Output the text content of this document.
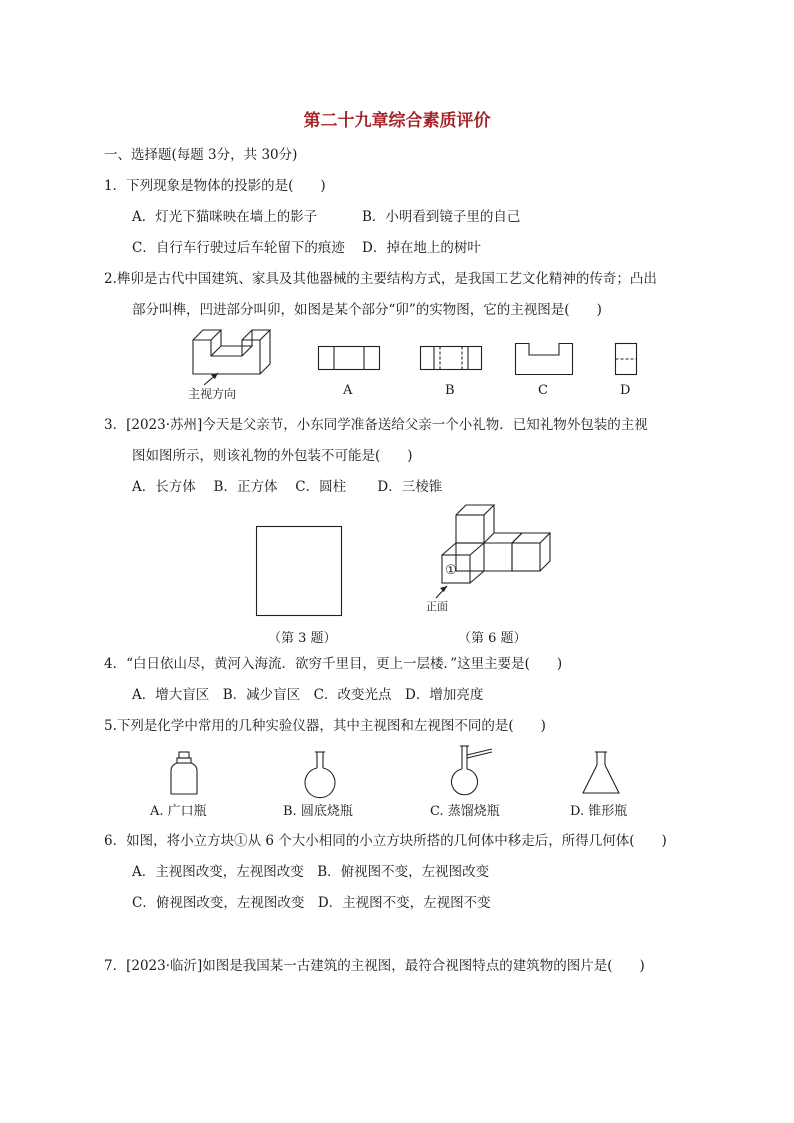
第二十九章综合素质评价
一、选择题(每题 3分，共 30分)
1．下列现象是物体的投影的是(　　)
A．灯光下猫咪映在墙上的影子	B．小明看到镜子里的自己
C．自行车行驶过后车轮留下的痕迹 D．掉在地上的树叶
2.榫卯是古代中国建筑、家具及其他器械的主要结构方式，是我国工艺文化精神的传奇；凸出
部分叫榫，凹进部分叫卯，如图是某个部分“卯”的实物图，它的主视图是(　　)
主视方向	A	B	C	D
3．[2023·苏州]今天是父亲节，小东同学准备送给父亲一个小礼物．已知礼物外包装的主视
图如图所示，则该礼物的外包装不可能是(　　)
A．长方体　 B．正方体　 C．圆柱　　 D．三棱锥
（第 3 题）
①
正面
（第 6 题）
4．“白日依山尽，黄河入海流．欲穷千里目，更上一层楼．”这里主要是(　　)
A．增大盲区　B．减少盲区　C．改变光点　D．增加亮度
5.下列是化学中常用的几种实验仪器，其中主视图和左视图不同的是(　　)
A. 广口瓶	B. 圆底烧瓶	C. 蒸馏烧瓶	D. 锥形瓶
6．如图，将小立方块①从 6 个大小相同的小立方块所搭的几何体中移走后，所得几何体(　　)
A．主视图改变，左视图改变　B．俯视图不变，左视图改变
C．俯视图改变，左视图改变　D．主视图不变，左视图不变
7．[2023·临沂]如图是我国某一古建筑的主视图，最符合视图特点的建筑物的图片是(　　)
